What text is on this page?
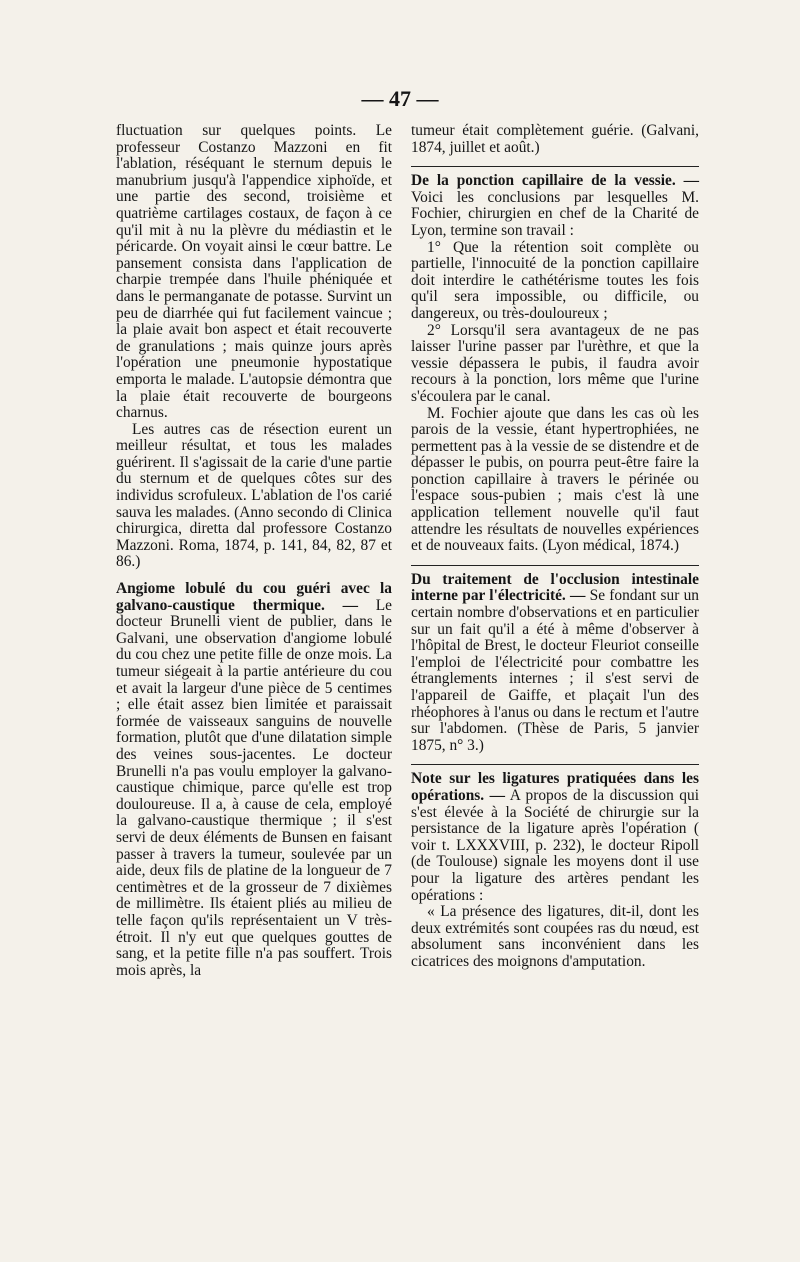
— 47 —

fluctuation sur quelques points. Le professeur Costanzo Mazzoni en fit l'ablation, réséquant le sternum depuis le manubrium jusqu'à l'appendice xiphoïde, et une partie des second, troisième et quatrième cartilages costaux, de façon à ce qu'il mit à nu la plèvre du médiastin et le péricarde. On voyait ainsi le cœur battre. Le pansement consista dans l'application de charpie trempée dans l'huile phéniquée et dans le permanganate de potasse. Survint un peu de diarrhée qui fut facilement vaincue ; la plaie avait bon aspect et était recouverte de granulations ; mais quinze jours après l'opération une pneumonie hypostatique emporta le malade. L'autopsie démontra que la plaie était recouverte de bourgeons charnus.

Les autres cas de résection eurent un meilleur résultat, et tous les malades guérirent. Il s'agissait de la carie d'une partie du sternum et de quelques côtes sur des individus scrofuleux. L'ablation de l'os carié sauva les malades. (Anno secondo di Clinica chirurgica, diretta dal professore Costanzo Mazzoni. Roma, 1874, p. 141, 84, 82, 87 et 86.)

Angiome lobulé du cou guéri avec la galvano-caustique thermique. — Le docteur Brunelli vient de publier, dans le Galvani, une observation d'angiome lobulé du cou chez une petite fille de onze mois. La tumeur siégeait à la partie antérieure du cou et avait la largeur d'une pièce de 5 centimes ; elle était assez bien limitée et paraissait formée de vaisseaux sanguins de nouvelle formation, plutôt que d'une dilatation simple des veines sous-jacentes. Le docteur Brunelli n'a pas voulu employer la galvano-caustique chimique, parce qu'elle est trop douloureuse. Il a, à cause de cela, employé la galvano-caustique thermique ; il s'est servi de deux éléments de Bunsen en faisant passer à travers la tumeur, soulevée par un aide, deux fils de platine de la longueur de 7 centimètres et de la grosseur de 7 dixièmes de millimètre. Ils étaient pliés au milieu de telle façon qu'ils représentaient un V très-étroit. Il n'y eut que quelques gouttes de sang, et la petite fille n'a pas souffert. Trois mois après, la

tumeur était complètement guérie. (Galvani, 1874, juillet et août.)

De la ponction capillaire de la vessie. — Voici les conclusions par lesquelles M. Fochier, chirurgien en chef de la Charité de Lyon, termine son travail :

1° Que la rétention soit complète ou partielle, l'innocuité de la ponction capillaire doit interdire le cathétérisme toutes les fois qu'il sera impossible, ou difficile, ou dangereux, ou très-douloureux ;

2° Lorsqu'il sera avantageux de ne pas laisser l'urine passer par l'urèthre, et que la vessie dépassera le pubis, il faudra avoir recours à la ponction, lors même que l'urine s'écoulera par le canal.

M. Fochier ajoute que dans les cas où les parois de la vessie, étant hypertrophiées, ne permettent pas à la vessie de se distendre et de dépasser le pubis, on pourra peut-être faire la ponction capillaire à travers le périnée ou l'espace sous-pubien ; mais c'est là une application tellement nouvelle qu'il faut attendre les résultats de nouvelles expériences et de nouveaux faits. (Lyon médical, 1874.)

Du traitement de l'occlusion intestinale interne par l'électricité. — Se fondant sur un certain nombre d'observations et en particulier sur un fait qu'il a été à même d'observer à l'hôpital de Brest, le docteur Fleuriot conseille l'emploi de l'électricité pour combattre les étranglements internes ; il s'est servi de l'appareil de Gaiffe, et plaçait l'un des rhéophores à l'anus ou dans le rectum et l'autre sur l'abdomen. (Thèse de Paris, 5 janvier 1875, n° 3.)

Note sur les ligatures pratiquées dans les opérations. — A propos de la discussion qui s'est élevée à la Société de chirurgie sur la persistance de la ligature après l'opération ( voir t. LXXXVIII, p. 232), le docteur Ripoll (de Toulouse) signale les moyens dont il use pour la ligature des artères pendant les opérations :

« La présence des ligatures, dit-il, dont les deux extrémités sont coupées ras du nœud, est absolument sans inconvénient dans les cicatrices des moignons d'amputation.
